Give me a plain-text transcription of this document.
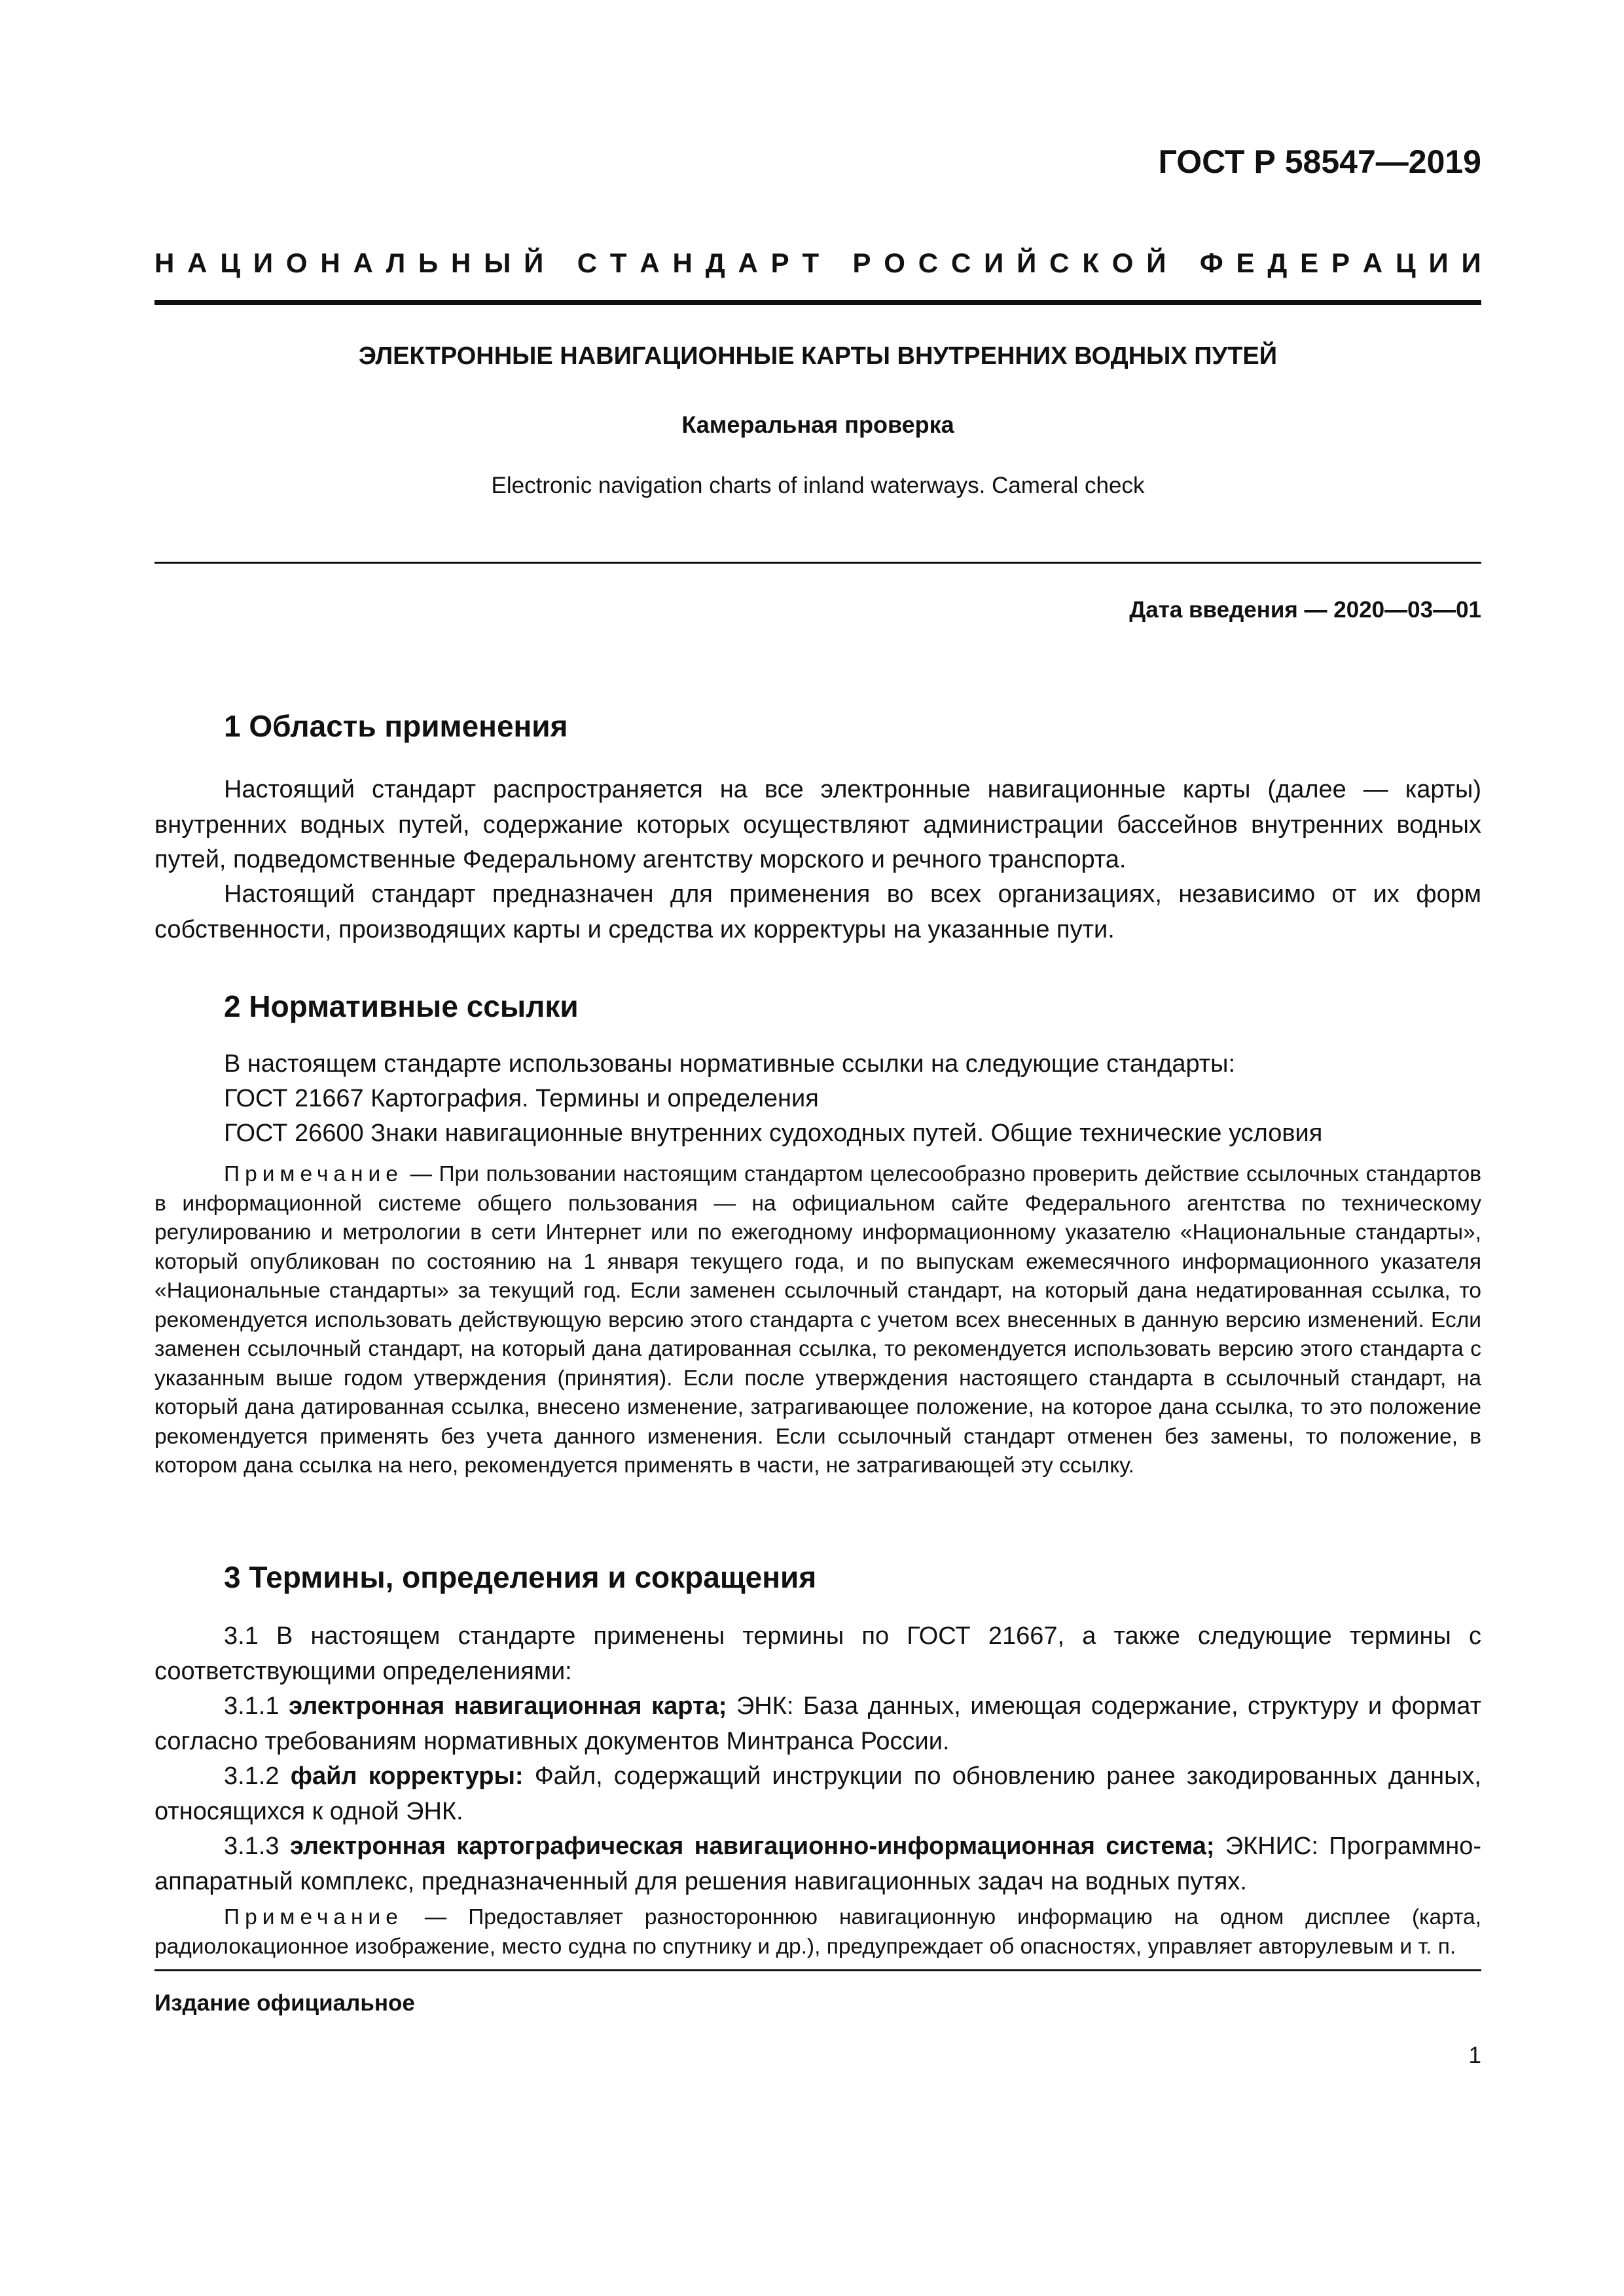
ГОСТ Р 58547—2019
Н А Ц И О Н А Л Ь Н Ы Й
С Т А Н Д А Р Т
Р О С С И Й С К О Й
Ф Е Д Е Р А Ц И И
ЭЛЕКТРОННЫЕ НАВИГАЦИОННЫЕ КАРТЫ ВНУТРЕННИХ ВОДНЫХ ПУТЕЙ
Камеральная проверка
Electronic navigation charts of inland waterways. Cameral check
Дата введения — 2020—03—01
1 Область применения
Настоящий стандарт распространяется на все электронные навигационные карты (далее — карты) внутренних водных путей, содержание которых осуществляют администрации бассейнов внутренних водных путей, подведомственные Федеральному агентству морского и речного транспорта.
Настоящий стандарт предназначен для применения во всех организациях, независимо от их форм собственности, производящих карты и средства их корректуры на указанные пути.
2 Нормативные ссылки
В настоящем стандарте использованы нормативные ссылки на следующие стандарты:
ГОСТ 21667 Картография. Термины и определения
ГОСТ 26600 Знаки навигационные внутренних судоходных путей. Общие технические условия
Примечание — При пользовании настоящим стандартом целесообразно проверить действие ссылочных стандартов в информационной системе общего пользования — на официальном сайте Федерального агентства по техническому регулированию и метрологии в сети Интернет или по ежегодному информационному указателю «Национальные стандарты», который опубликован по состоянию на 1 января текущего года, и по выпускам ежемесячного информационного указателя «Национальные стандарты» за текущий год. Если заменен ссылочный стандарт, на который дана недатированная ссылка, то рекомендуется использовать действующую версию этого стандарта с учетом всех внесенных в данную версию изменений. Если заменен ссылочный стандарт, на который дана датированная ссылка, то рекомендуется использовать версию этого стандарта с указанным выше годом утверждения (принятия). Если после утверждения настоящего стандарта в ссылочный стандарт, на который дана датированная ссылка, внесено изменение, затрагивающее положение, на которое дана ссылка, то это положение рекомендуется применять без учета данного изменения. Если ссылочный стандарт отменен без замены, то положение, в котором дана ссылка на него, рекомендуется применять в части, не затрагивающей эту ссылку.
3 Термины, определения и сокращения
3.1 В настоящем стандарте применены термины по ГОСТ 21667, а также следующие термины с соответствующими определениями:
3.1.1 электронная навигационная карта; ЭНК: База данных, имеющая содержание, структуру и формат согласно требованиям нормативных документов Минтранса России.
3.1.2 файл корректуры: Файл, содержащий инструкции по обновлению ранее закодированных данных, относящихся к одной ЭНК.
3.1.3 электронная картографическая навигационно-информационная система; ЭКНИС: Программно-аппаратный комплекс, предназначенный для решения навигационных задач на водных путях.
Примечание — Предоставляет разностороннюю навигационную информацию на одном дисплее (карта, радиолокационное изображение, место судна по спутнику и др.), предупреждает об опасностях, управляет авторулевым и т. п.
Издание официальное
1
